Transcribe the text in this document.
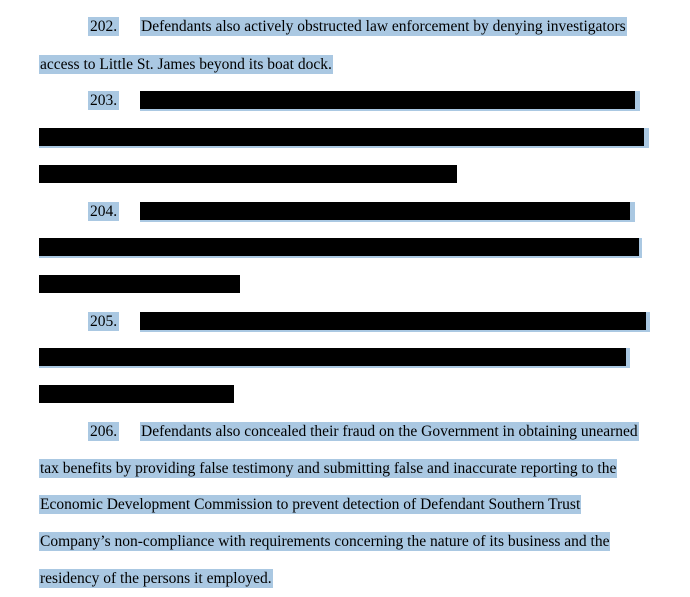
202. Defendants also actively obstructed law enforcement by denying investigators
access to Little St. James beyond its boat dock.
203.
204.
205.
206. Defendants also concealed their fraud on the Government in obtaining unearned
tax benefits by providing false testimony and submitting false and inaccurate reporting to the
Economic Development Commission to prevent detection of Defendant Southern Trust
Company’s non-compliance with requirements concerning the nature of its business and the
residency of the persons it employed.
